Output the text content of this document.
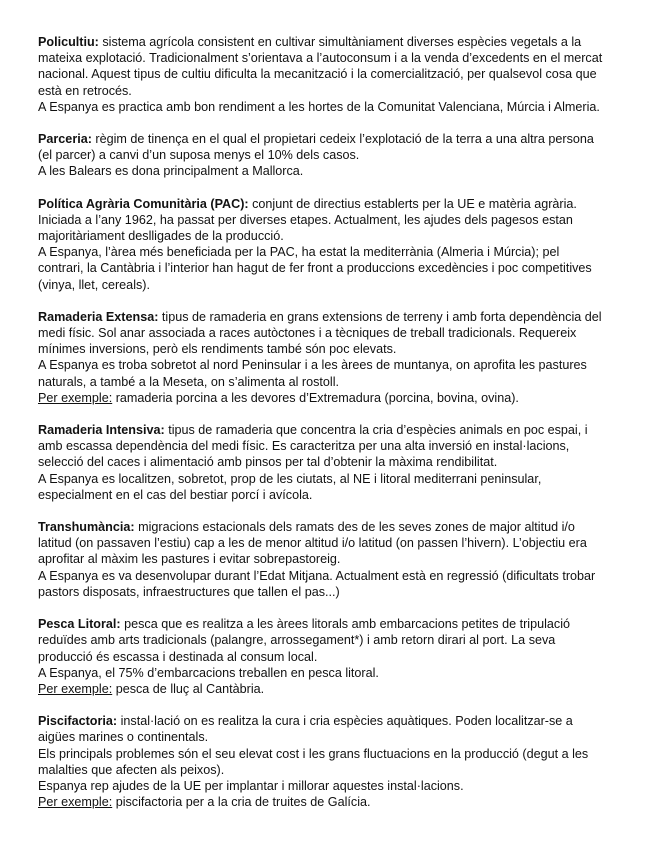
Policultiu: sistema agrícola consistent en cultivar simultàniament diverses espècies vegetals a la
mateixa explotació. Tradicionalment s’orientava a l’autoconsum i a la venda d’excedents en el mercat
nacional. Aquest tipus de cultiu dificulta la mecanització i la comercialització, per qualsevol cosa que
està en retrocés.
A Espanya es practica amb bon rendiment a les hortes de la Comunitat Valenciana, Múrcia i Almeria.
Parceria: règim de tinença en el qual el propietari cedeix l’explotació de la terra a una altra persona
(el parcer) a canvi d’un suposa menys el 10% dels casos.
A les Balears es dona principalment a Mallorca.
Política Agrària Comunitària (PAC): conjunt de directius establerts per la UE e matèria agrària.
Iniciada a l’any 1962, ha passat per diverses etapes. Actualment, les ajudes dels pagesos estan
majoritàriament deslligades de la producció.
A Espanya, l’àrea més beneficiada per la PAC, ha estat la mediterrània (Almeria i Múrcia); pel
contrari, la Cantàbria i l’interior han hagut de fer front a produccions excedències i poc competitives
(vinya, llet, cereals).
Ramaderia Extensa: tipus de ramaderia en grans extensions de terreny i amb forta dependència del
medi físic. Sol anar associada a races autòctones i a tècniques de treball tradicionals. Requereix
mínimes inversions, però els rendiments també són poc elevats.
A Espanya es troba sobretot al nord Peninsular i a les àrees de muntanya, on aprofita les pastures
naturals, a també a la Meseta, on s’alimenta al rostoll.
Per exemple: ramaderia porcina a les devores d’Extremadura (porcina, bovina, ovina).
Ramaderia Intensiva: tipus de ramaderia que concentra la cria d’espècies animals en poc espai, i
amb escassa dependència del medi físic. Es caracteritza per una alta inversió en instal·lacions,
selecció del caces i alimentació amb pinsos per tal d’obtenir la màxima rendibilitat.
A Espanya es localitzen, sobretot, prop de les ciutats, al NE i litoral mediterrani peninsular,
especialment en el cas del bestiar porcí i avícola.
Transhumància: migracions estacionals dels ramats des de les seves zones de major altitud i/o
latitud (on passaven l’estiu) cap a les de menor altitud i/o latitud (on passen l’hivern). L’objectiu era
aprofitar al màxim les pastures i evitar sobrepastoreig.
A Espanya es va desenvolupar durant l’Edat Mitjana. Actualment està en regressió (dificultats trobar
pastors disposats, infraestructures que tallen el pas...)
Pesca Litoral: pesca que es realitza a les àrees litorals amb embarcacions petites de tripulació
reduïdes amb arts tradicionals (palangre, arrossegament*) i amb retorn dirari al port. La seva
producció és escassa i destinada al consum local.
A Espanya, el 75% d’embarcacions treballen en pesca litoral.
Per exemple: pesca de lluç al Cantàbria.
Piscifactoria: instal·lació on es realitza la cura i cria espècies aquàtiques. Poden localitzar-se a
aigües marines o continentals.
Els principals problemes són el seu elevat cost i les grans fluctuacions en la producció (degut a les
malalties que afecten als peixos).
Espanya rep ajudes de la UE per implantar i millorar aquestes instal·lacions.
Per exemple: piscifactoria per a la cria de truites de Galícia.
